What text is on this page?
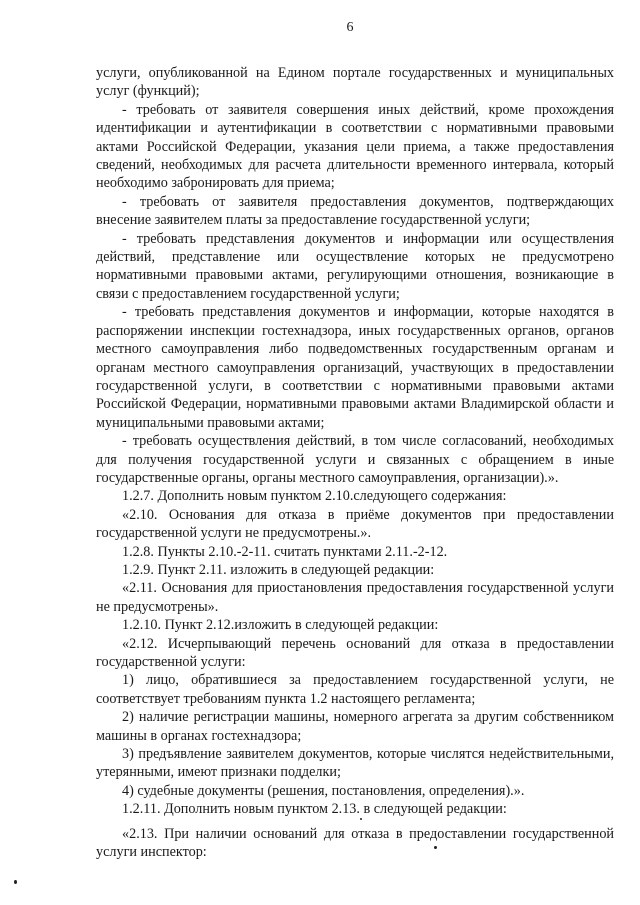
6

услуги, опубликованной на Едином портале государственных и муниципальных услуг (функций);

- требовать от заявителя совершения иных действий, кроме прохождения идентификации и аутентификации в соответствии с нормативными правовыми актами Российской Федерации, указания цели приема, а также предоставления сведений, необходимых для расчета длительности временного интервала, который необходимо забронировать для приема;

- требовать от заявителя предоставления документов, подтверждающих внесение заявителем платы за предоставление государственной услуги;

- требовать представления документов и информации или осуществления действий, представление или осуществление которых не предусмотрено нормативными правовыми актами, регулирующими отношения, возникающие в связи с предоставлением государственной услуги;

- требовать представления документов и информации, которые находятся в распоряжении инспекции гостехнадзора, иных государственных органов, органов местного самоуправления либо подведомственных государственным органам и органам местного самоуправления организаций, участвующих в предоставлении государственной услуги, в соответствии с нормативными правовыми актами Российской Федерации, нормативными правовыми актами Владимирской области и муниципальными правовыми актами;

- требовать осуществления действий, в том числе согласований, необходимых для получения государственной услуги и связанных с обращением в иные государственные органы, органы местного самоуправления, организации).».

1.2.7. Дополнить новым пунктом 2.10.следующего содержания:

«2.10. Основания для отказа в приёме документов при предоставлении государственной услуги не предусмотрены.».

1.2.8. Пункты 2.10.-2-11. считать пунктами 2.11.-2-12.

1.2.9. Пункт 2.11. изложить в следующей редакции:

«2.11. Основания для приостановления предоставления государственной услуги не предусмотрены».

1.2.10. Пункт 2.12.изложить в следующей редакции:

«2.12. Исчерпывающий перечень оснований для отказа в предоставлении государственной услуги:

1) лицо, обратившиеся за предоставлением государственной услуги, не соответствует требованиям пункта 1.2 настоящего регламента;

2) наличие регистрации машины, номерного агрегата за другим собственником машины в органах гостехнадзора;

3) предъявление заявителем документов, которые числятся недействительными, утерянными, имеют признаки подделки;

4) судебные документы (решения, постановления, определения).».

1.2.11. Дополнить новым пунктом 2.13. в следующей редакции:

«2.13. При наличии оснований для отказа в предоставлении государственной услуги инспектор:
